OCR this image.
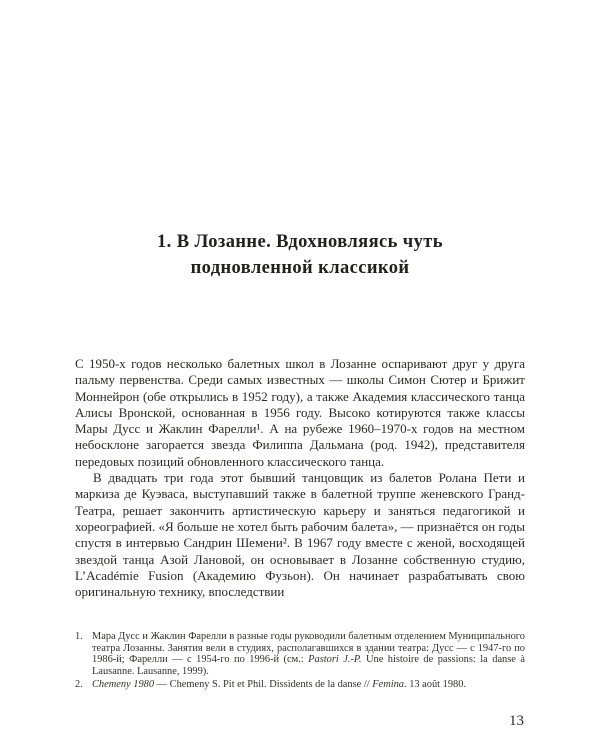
1. В Лозанне. Вдохновляясь чуть
подновленной классикой

С 1950-х годов несколько балетных школ в Лозанне оспаривают друг у друга пальму первенства. Среди самых известных — школы Симон Сютер и Брижит Моннейрон (обе открылись в 1952 году), а также Академия классического танца Алисы Вронской, основанная в 1956 году. Высоко котируются также классы Мары Дусс и Жаклин Фарелли¹. А на рубеже 1960–1970-х годов на местном небосклоне загорается звезда Филиппа Дальмана (род. 1942), представителя передовых позиций обновленного классического танца.

В двадцать три года этот бывший танцовщик из балетов Ролана Пети и маркиза де Куэваса, выступавший также в балетной труппе женевского Гранд-Театра, решает закончить артистическую карьеру и заняться педагогикой и хореографией. «Я больше не хотел быть рабочим балета», — признаётся он годы спустя в интервью Сандрин Шемени². В 1967 году вместе с женой, восходящей звездой танца Азой Лановой, он основывает в Лозанне собственную студию, L’Académie Fusion (Академию Фузьон). Он начинает разрабатывать свою оригинальную технику, впоследствии

1. Мара Дусс и Жаклин Фарелли в разные годы руководили балетным отделением Муниципального театра Лозанны. Занятия вели в студиях, располагавшихся в здании театра: Дусс — с 1947-го по 1986-й; Фарелли — с 1954-го по 1996-й (см.: Pastori J.-P. Une histoire de passions: la danse à Lausanne. Lausanne, 1999).
2. Chemeny 1980 — Chemeny S. Pit et Phil. Dissidents de la danse // Femina. 13 août 1980.
13
